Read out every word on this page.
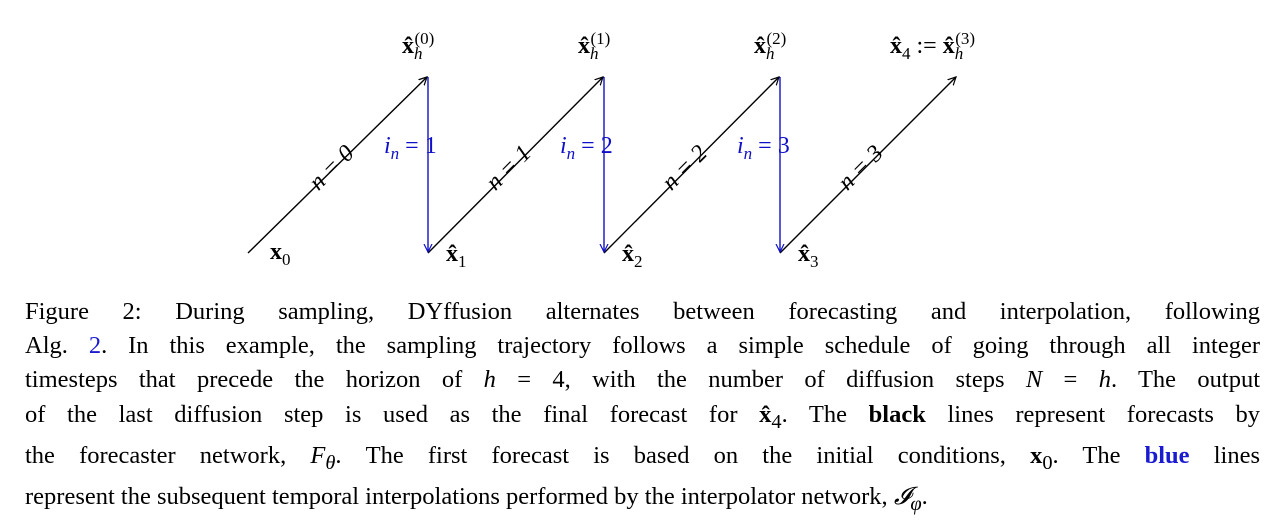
$x̂_h^{(0)}$	$x̂_h^{(1)}$	$x̂_h^{(2)}$	$x̂_4$ := $x̂_h^{(3)}$
$x_0$	$x̂_1$	$x̂_2$	$x̂_3$
n = 0	n = 1	n = 2	n = 3
$i_n = 1$	$i_n = 2$	$i_n = 3$
Figure 2: During sampling, DYffusion alternates between forecasting and interpolation, following
Alg. 2. In this example, the sampling trajectory follows a simple schedule of going through all integer
timesteps that precede the horizon of h = 4, with the number of diffusion steps N = h. The output
of the last diffusion step is used as the final forecast for $x̂_4$. The black lines represent forecasts by
the forecaster network, $F_\theta$. The first forecast is based on the initial conditions, $x_0$. The blue lines
represent the subsequent temporal interpolations performed by the interpolator network, 𝓘$_\varphi$.
